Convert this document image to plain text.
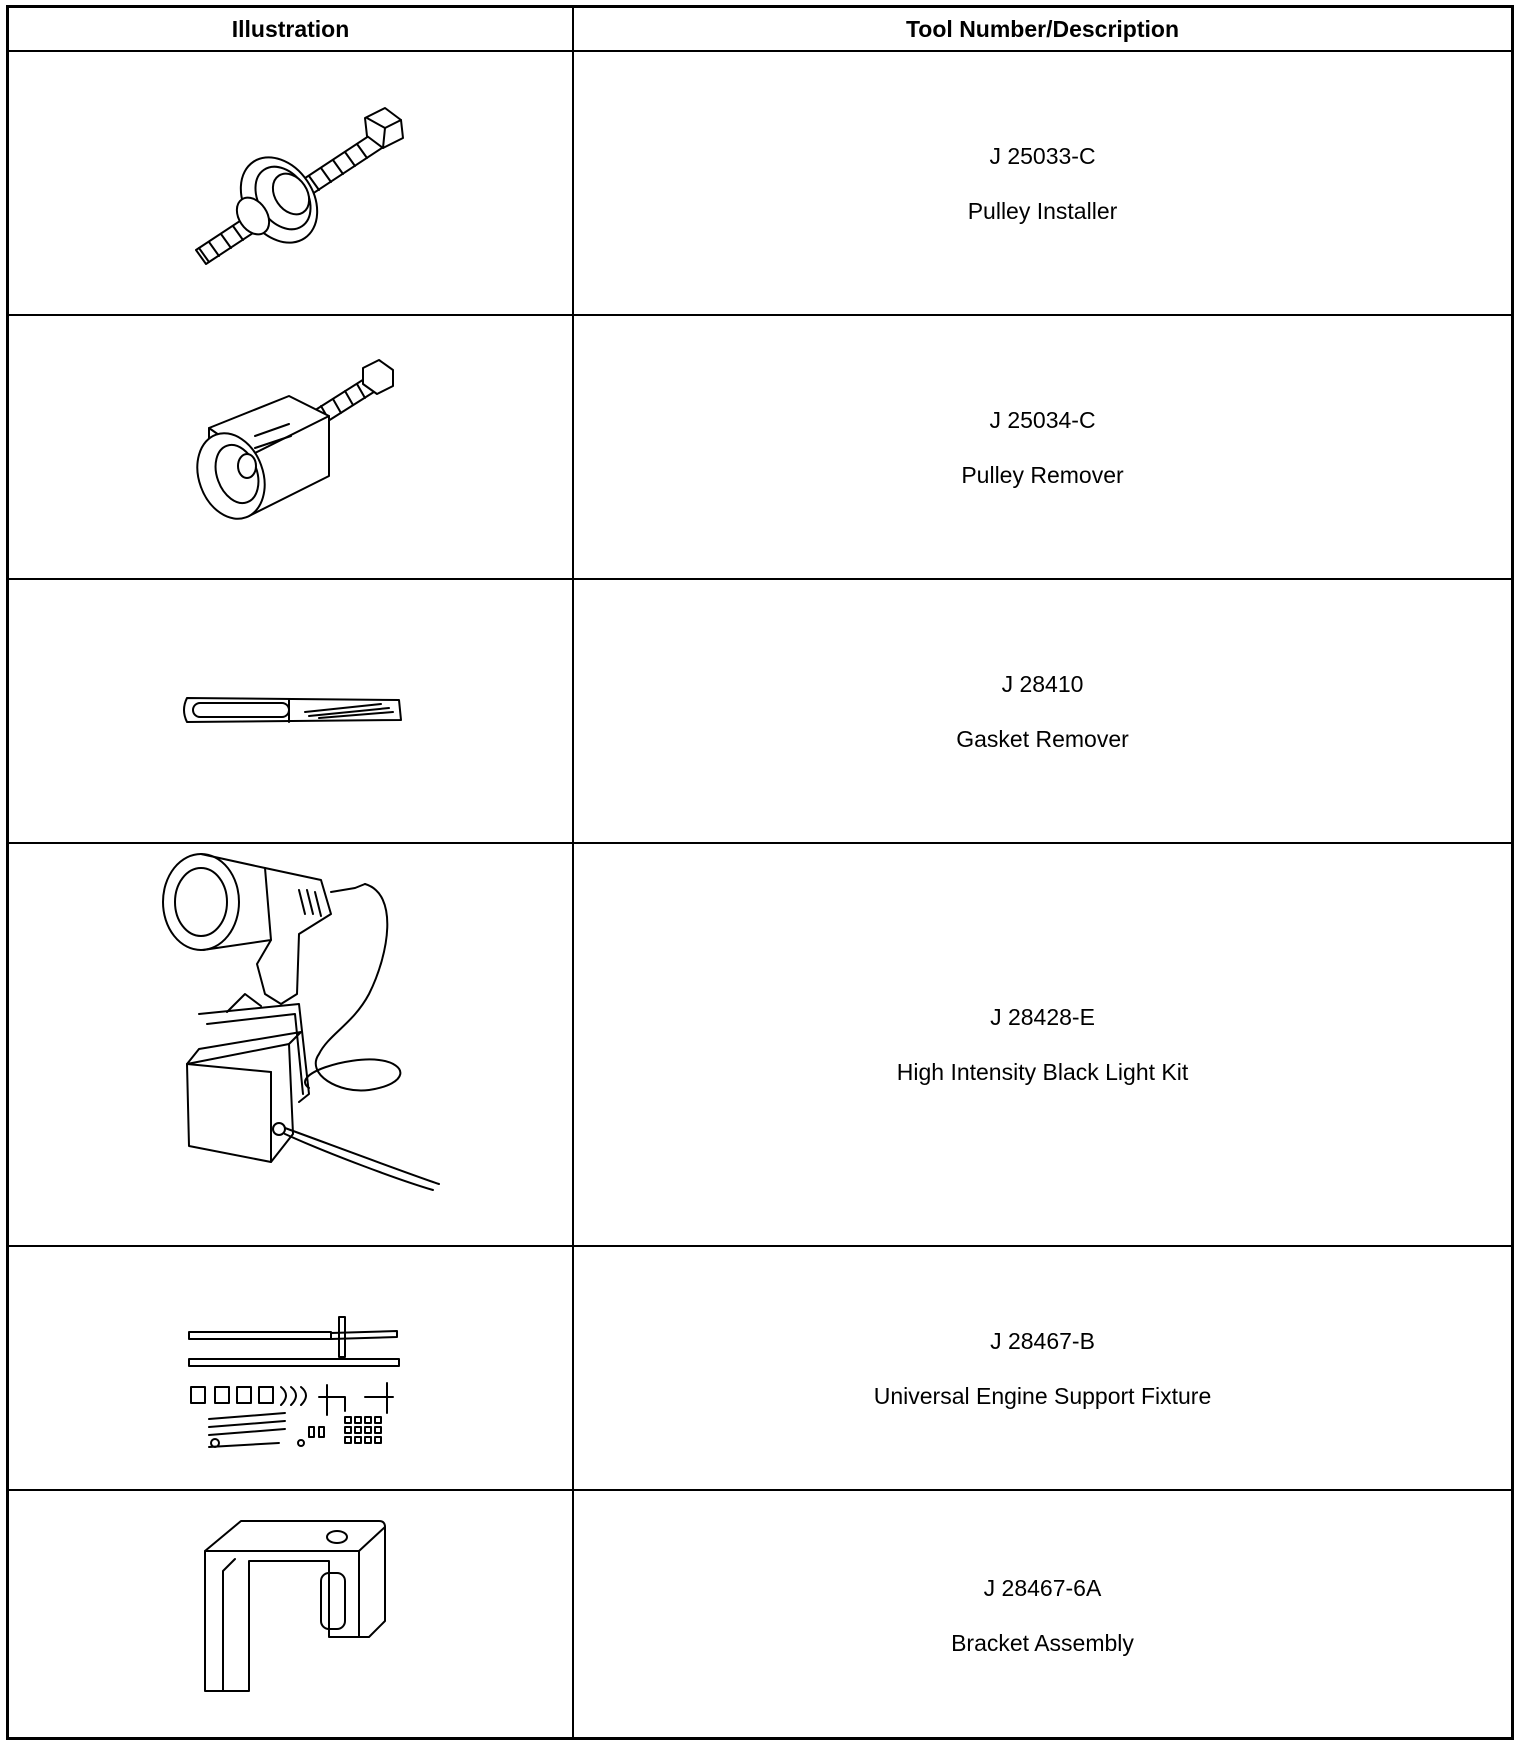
Illustration	Tool Number/Description
J 25033-C
Pulley Installer
J 25034-C
Pulley Remover
J 28410
Gasket Remover
J 28428-E
High Intensity Black Light Kit
J 28467-B
Universal Engine Support Fixture
J 28467-6A
Bracket Assembly
